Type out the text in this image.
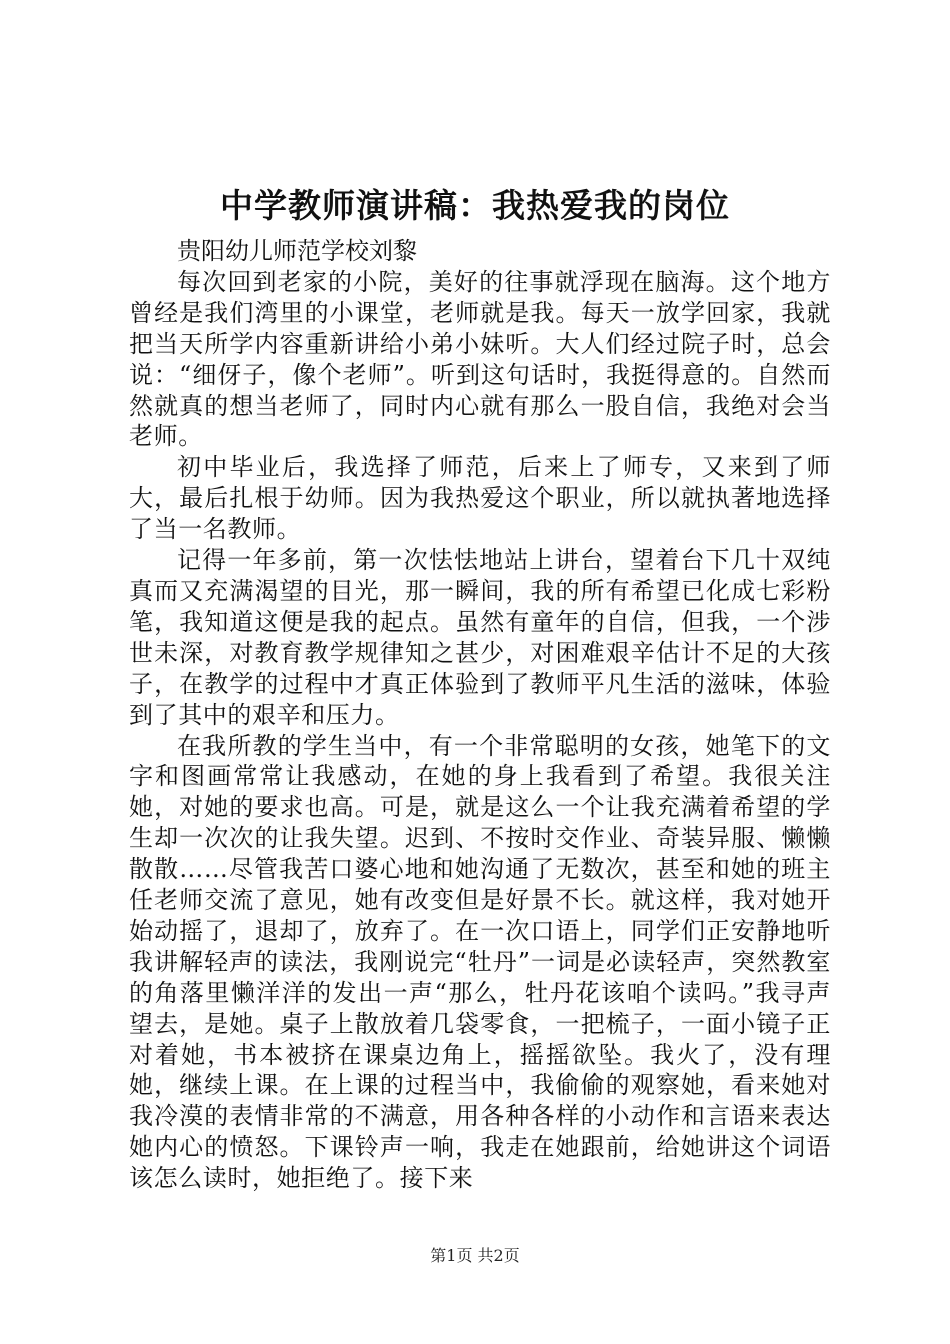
中学教师演讲稿：我热爱我的岗位

贵阳幼儿师范学校刘黎

每次回到老家的小院，美好的往事就浮现在脑海。这个地方曾经是我们湾里的小课堂，老师就是我。每天一放学回家，我就把当天所学内容重新讲给小弟小妹听。大人们经过院子时，总会说：“细伢子，像个老师”。听到这句话时，我挺得意的。自然而然就真的想当老师了，同时内心就有那么一股自信，我绝对会当老师。

初中毕业后，我选择了师范，后来上了师专，又来到了师大，最后扎根于幼师。因为我热爱这个职业，所以就执著地选择了当一名教师。

记得一年多前，第一次怯怯地站上讲台，望着台下几十双纯真而又充满渴望的目光，那一瞬间，我的所有希望已化成七彩粉笔，我知道这便是我的起点。虽然有童年的自信，但我，一个涉世未深，对教育教学规律知之甚少，对困难艰辛估计不足的大孩子，在教学的过程中才真正体验到了教师平凡生活的滋味，体验到了其中的艰辛和压力。

在我所教的学生当中，有一个非常聪明的女孩，她笔下的文字和图画常常让我感动，在她的身上我看到了希望。我很关注她，对她的要求也高。可是，就是这么一个让我充满着希望的学生却一次次的让我失望。迟到、不按时交作业、奇装异服、懒懒散散……尽管我苦口婆心地和她沟通了无数次，甚至和她的班主任老师交流了意见，她有改变但是好景不长。就这样，我对她开始动摇了，退却了，放弃了。在一次口语上，同学们正安静地听我讲解轻声的读法，我刚说完“牡丹”一词是必读轻声，突然教室的角落里懒洋洋的发出一声“那么，牡丹花该咱个读吗。”我寻声望去，是她。桌子上散放着几袋零食，一把梳子，一面小镜子正对着她，书本被挤在课桌边角上，摇摇欲坠。我火了，没有理她，继续上课。在上课的过程当中，我偷偷的观察她，看来她对我冷漠的表情非常的不满意，用各种各样的小动作和言语来表达她内心的愤怒。下课铃声一响，我走在她跟前，给她讲这个词语该怎么读时，她拒绝了。接下来

第1页 共2页
